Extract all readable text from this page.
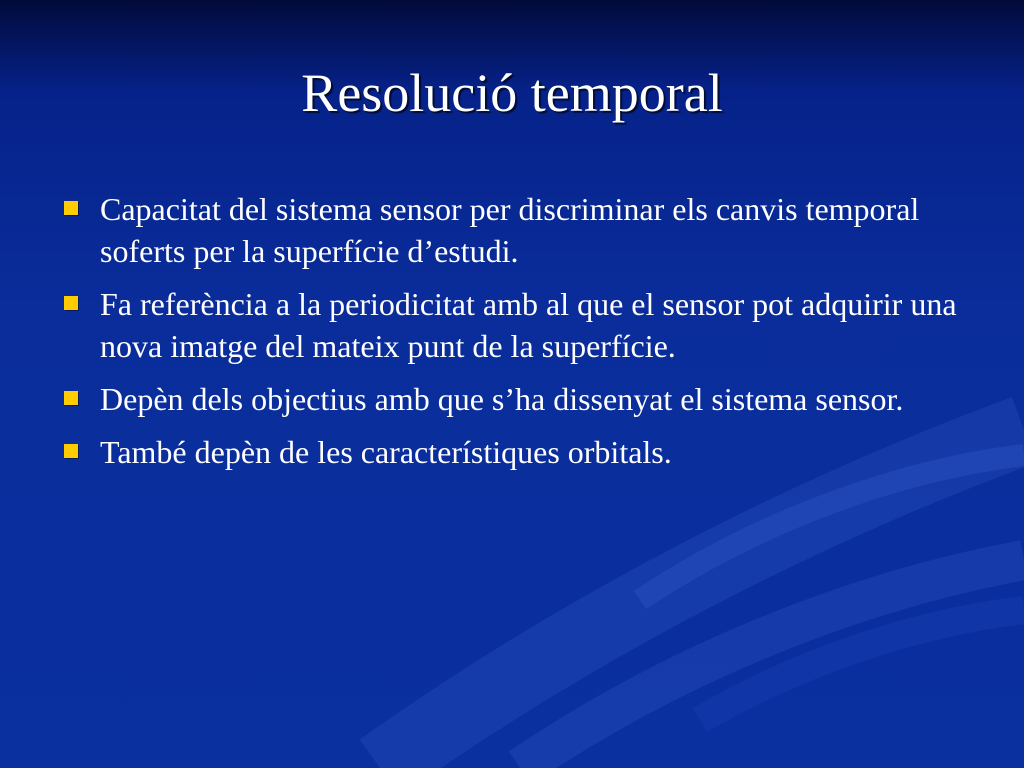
Resolució temporal
Capacitat del sistema sensor per discriminar els canvis temporal soferts per la superfície d’estudi.
Fa referència a la periodicitat amb al que el sensor pot adquirir una nova imatge del mateix punt de la superfície.
Depèn dels objectius amb que s’ha dissenyat el sistema sensor.
També depèn de les característiques orbitals.
